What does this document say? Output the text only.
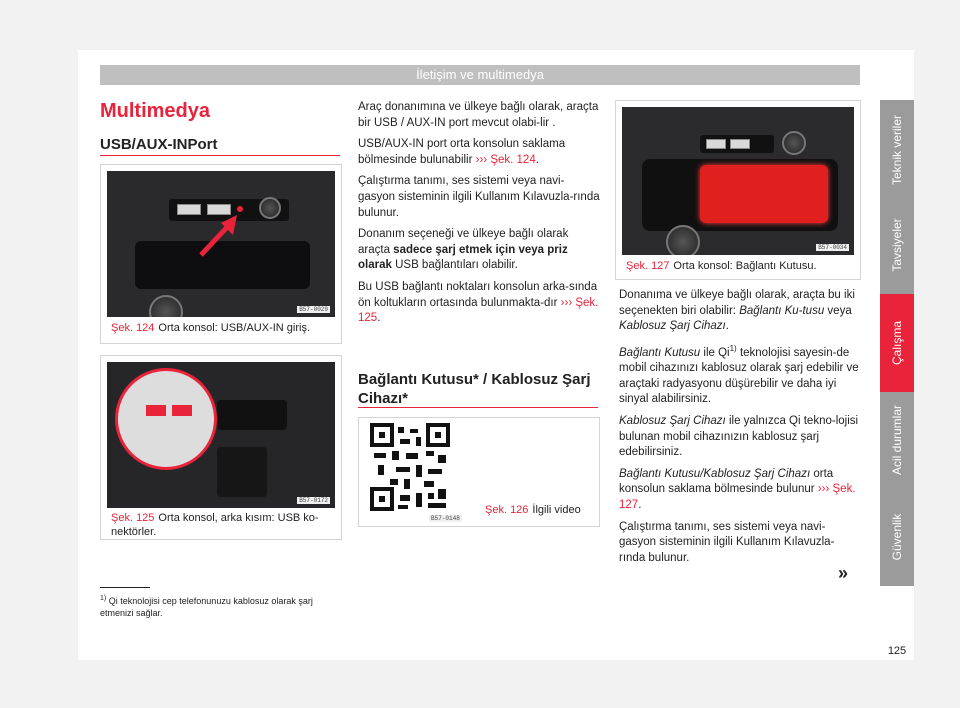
İletişim ve multimedya
Teknik veriler
Tavsiyeler
Çalışma
Acil durumlar
Güvenlik
Multimedya
USB/AUX-INPort
B57-0029
Şek. 124 Orta konsol: USB/AUX-IN giriş.
B57-0172
Şek. 125 Orta konsol, arka kısım: USB ko-nektörler.

Araç donanımına ve ülkeye bağlı olarak, araçta bir USB / AUX-IN port mevcut olabi-lir .

USB/AUX-IN port orta konsolun saklama bölmesinde bulunabilir ››› Şek. 124.

Çalıştırma tanımı, ses sistemi veya navi-gasyon sisteminin ilgili Kullanım Kılavuzla-rında bulunur.

Donanım seçeneği ve ülkeye bağlı olarak araçta sadece şarj etmek için veya priz olarak USB bağlantıları olabilir.

Bu USB bağlantı noktaları konsolun arka-sında ön koltukların ortasında bulunmakta-dır ››› Şek. 125.

Bağlantı Kutusu* / Kablosuz Şarj Cihazı*
B57-0148
Şek. 126 İlgili video
B57-0034
Şek. 127 Orta konsol: Bağlantı Kutusu.

Donanıma ve ülkeye bağlı olarak, araçta bu iki seçenekten biri olabilir: Bağlantı Ku-tusu veya Kablosuz Şarj Cihazı.

Bağlantı Kutusu ile Qi$^{1)}$ teknolojisi sayesin-de mobil cihazınızı kablosuz olarak şarj edebilir ve araçtaki radyasyonu düşürebilir ve daha iyi sinyal alabilirsiniz.

Kablosuz Şarj Cihazı ile yalnızca Qi tekno-lojisi bulunan mobil cihazınızın kablosuz şarj edebilirsiniz.

Bağlantı Kutusu/Kablosuz Şarj Cihazı orta konsolun saklama bölmesinde bulunur ››› Şek. 127.

Çalıştırma tanımı, ses sistemi veya navi-gasyon sisteminin ilgili Kullanım Kılavuzla-rında bulunur.

»
$^{1)}$ Qi teknolojisi cep telefonunuzu kablosuz olarak şarj etmenizi sağlar.
125
